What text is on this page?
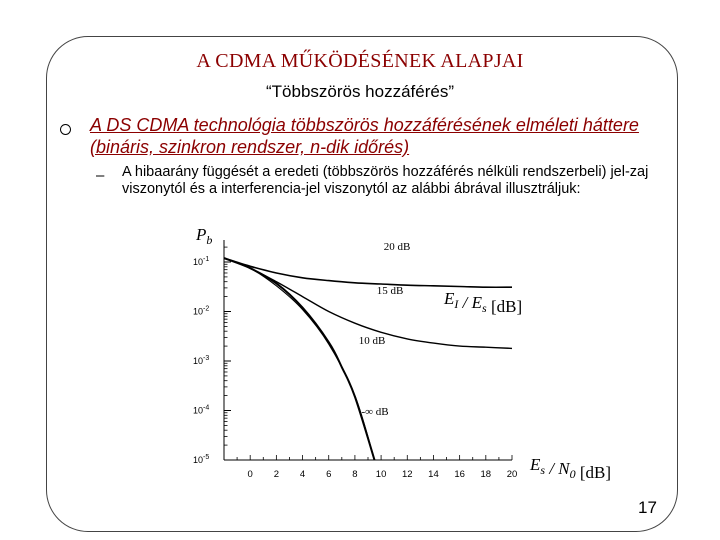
A CDMA MŰKÖDÉSÉNEK ALAPJAI
“Többszörös hozzáférés”
A DS CDMA technológia többszörös hozzáférésének elméleti háttere (bináris, szinkron rendszer, n-dik időrés)
– A hibaarány függését a eredeti (többszörös hozzáférés nélküli rendszerbeli) jel-zaj viszonytól és a interferencia-jel viszonytól az alábbi ábrával illusztráljuk:
$10^{-1}$
$10^{-2}$
$10^{-3}$
$10^{-4}$
$10^{-5}$
0 2 4 6 8 10 12 14 16 18 20
20 dB
15 dB
10 dB
-∞ dB
$P_b$
$E_I / E_s$ [dB]
$E_s / N_0$ [dB]
17
